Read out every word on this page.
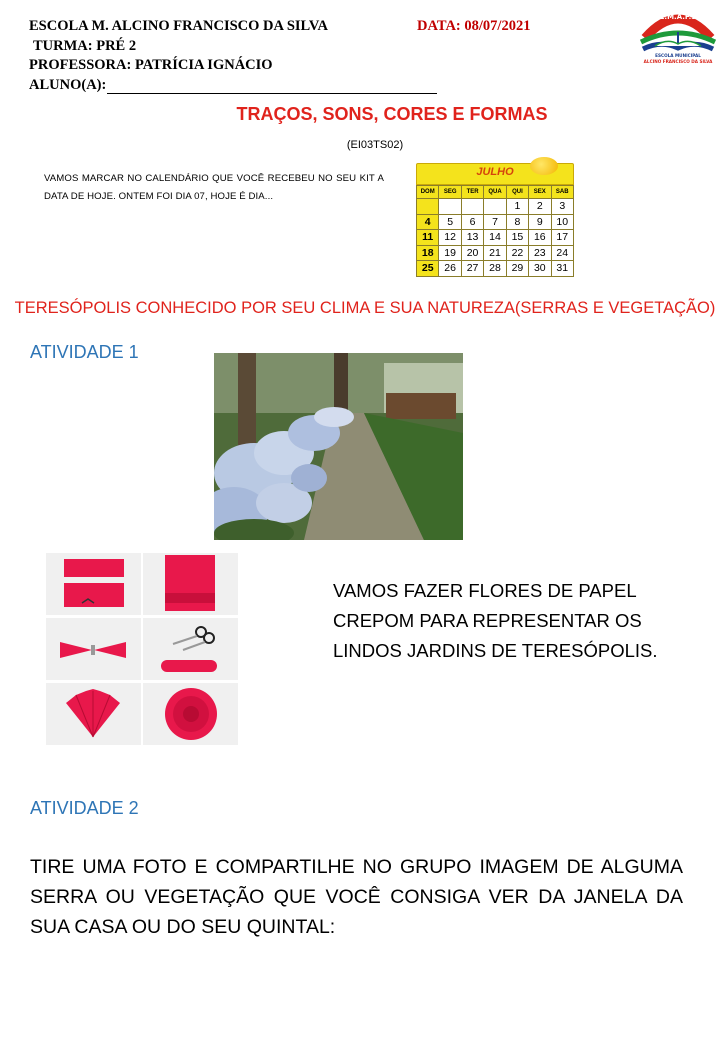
ESCOLA M. ALCINO FRANCISCO DA SILVA	DATA: 08/07/2021
TURMA: PRÉ 2
PROFESSORA: PATRÍCIA IGNÁCIO
ALUNO(A):
E.M.A.F.S
ESCOLA MUNICIPAL
ALCINO FRANCISCO DA SILVA
TRAÇOS, SONS, CORES E FORMAS
(EI03TS02)
VAMOS MARCAR NO CALENDÁRIO QUE VOCÊ RECEBEU NO SEU KIT A DATA DE HOJE. ONTEM FOI DIA 07, HOJE É DIA...
JULHO
DOM	SEG	TER	QUA	QUI	SEX	SAB
				1	2	3
4	5	6	7	8	9	10
11	12	13	14	15	16	17
18	19	20	21	22	23	24
25	26	27	28	29	30	31
TERESÓPOLIS CONHECIDO POR SEU CLIMA E SUA NATUREZA(SERRAS E VEGETAÇÃO)
ATIVIDADE 1
VAMOS FAZER FLORES DE PAPEL CREPOM PARA REPRESENTAR OS LINDOS JARDINS DE TERESÓPOLIS.
ATIVIDADE 2
TIRE UMA FOTO E COMPARTILHE NO GRUPO IMAGEM DE ALGUMA SERRA OU VEGETAÇÃO QUE VOCÊ CONSIGA VER DA JANELA DA SUA CASA OU DO SEU QUINTAL:
